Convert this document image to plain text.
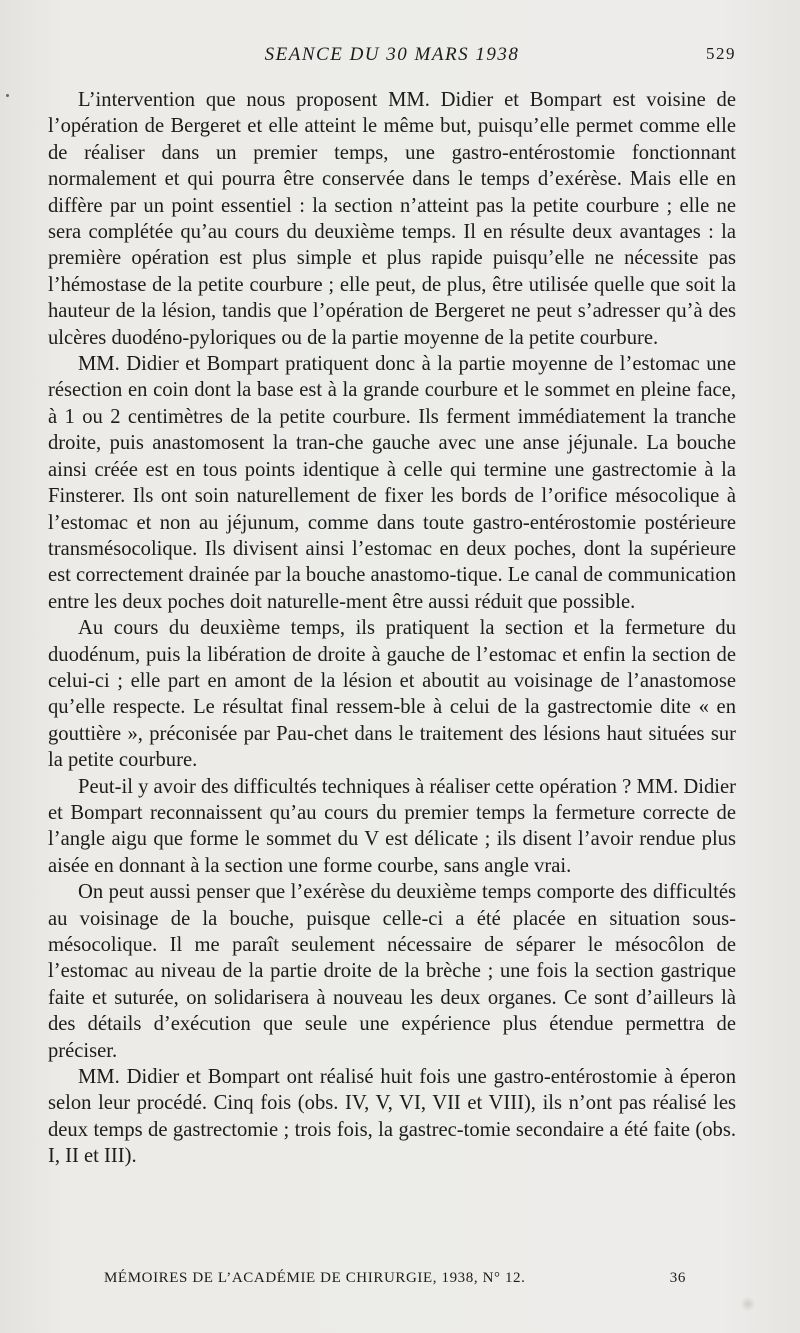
SEANCE DU 30 MARS 1938	529

L’intervention que nous proposent MM. Didier et Bompart est voisine de l’opération de Bergeret et elle atteint le même but, puisqu’elle permet comme elle de réaliser dans un premier temps, une gastro-entérostomie fonctionnant normalement et qui pourra être conservée dans le temps d’exérèse. Mais elle en diffère par un point essentiel : la section n’atteint pas la petite courbure ; elle ne sera complétée qu’au cours du deuxième temps. Il en résulte deux avantages : la première opération est plus simple et plus rapide puisqu’elle ne nécessite pas l’hémostase de la petite courbure ; elle peut, de plus, être utilisée quelle que soit la hauteur de la lésion, tandis que l’opération de Bergeret ne peut s’adresser qu’à des ulcères duodéno-pyloriques ou de la partie moyenne de la petite courbure.

MM. Didier et Bompart pratiquent donc à la partie moyenne de l’estomac une résection en coin dont la base est à la grande courbure et le sommet en pleine face, à 1 ou 2 centimètres de la petite courbure. Ils ferment immédiatement la tranche droite, puis anastomosent la tran-che gauche avec une anse jéjunale. La bouche ainsi créée est en tous points identique à celle qui termine une gastrectomie à la Finsterer. Ils ont soin naturellement de fixer les bords de l’orifice mésocolique à l’estomac et non au jéjunum, comme dans toute gastro-entérostomie postérieure transmésocolique. Ils divisent ainsi l’estomac en deux poches, dont la supérieure est correctement drainée par la bouche anastomo-tique. Le canal de communication entre les deux poches doit naturelle-ment être aussi réduit que possible.

Au cours du deuxième temps, ils pratiquent la section et la fermeture du duodénum, puis la libération de droite à gauche de l’estomac et enfin la section de celui-ci ; elle part en amont de la lésion et aboutit au voisinage de l’anastomose qu’elle respecte. Le résultat final ressem-ble à celui de la gastrectomie dite « en gouttière », préconisée par Pau-chet dans le traitement des lésions haut situées sur la petite courbure.

Peut-il y avoir des difficultés techniques à réaliser cette opération ? MM. Didier et Bompart reconnaissent qu’au cours du premier temps la fermeture correcte de l’angle aigu que forme le sommet du V est délicate ; ils disent l’avoir rendue plus aisée en donnant à la section une forme courbe, sans angle vrai.

On peut aussi penser que l’exérèse du deuxième temps comporte des difficultés au voisinage de la bouche, puisque celle-ci a été placée en situation sous-mésocolique. Il me paraît seulement nécessaire de séparer le mésocôlon de l’estomac au niveau de la partie droite de la brèche ; une fois la section gastrique faite et suturée, on solidarisera à nouveau les deux organes. Ce sont d’ailleurs là des détails d’exécution que seule une expérience plus étendue permettra de préciser.

MM. Didier et Bompart ont réalisé huit fois une gastro-entérostomie à éperon selon leur procédé. Cinq fois (obs. IV, V, VI, VII et VIII), ils n’ont pas réalisé les deux temps de gastrectomie ; trois fois, la gastrec-tomie secondaire a été faite (obs. I, II et III).

MÉMOIRES DE L’ACADÉMIE DE CHIRURGIE, 1938, N° 12.	36
